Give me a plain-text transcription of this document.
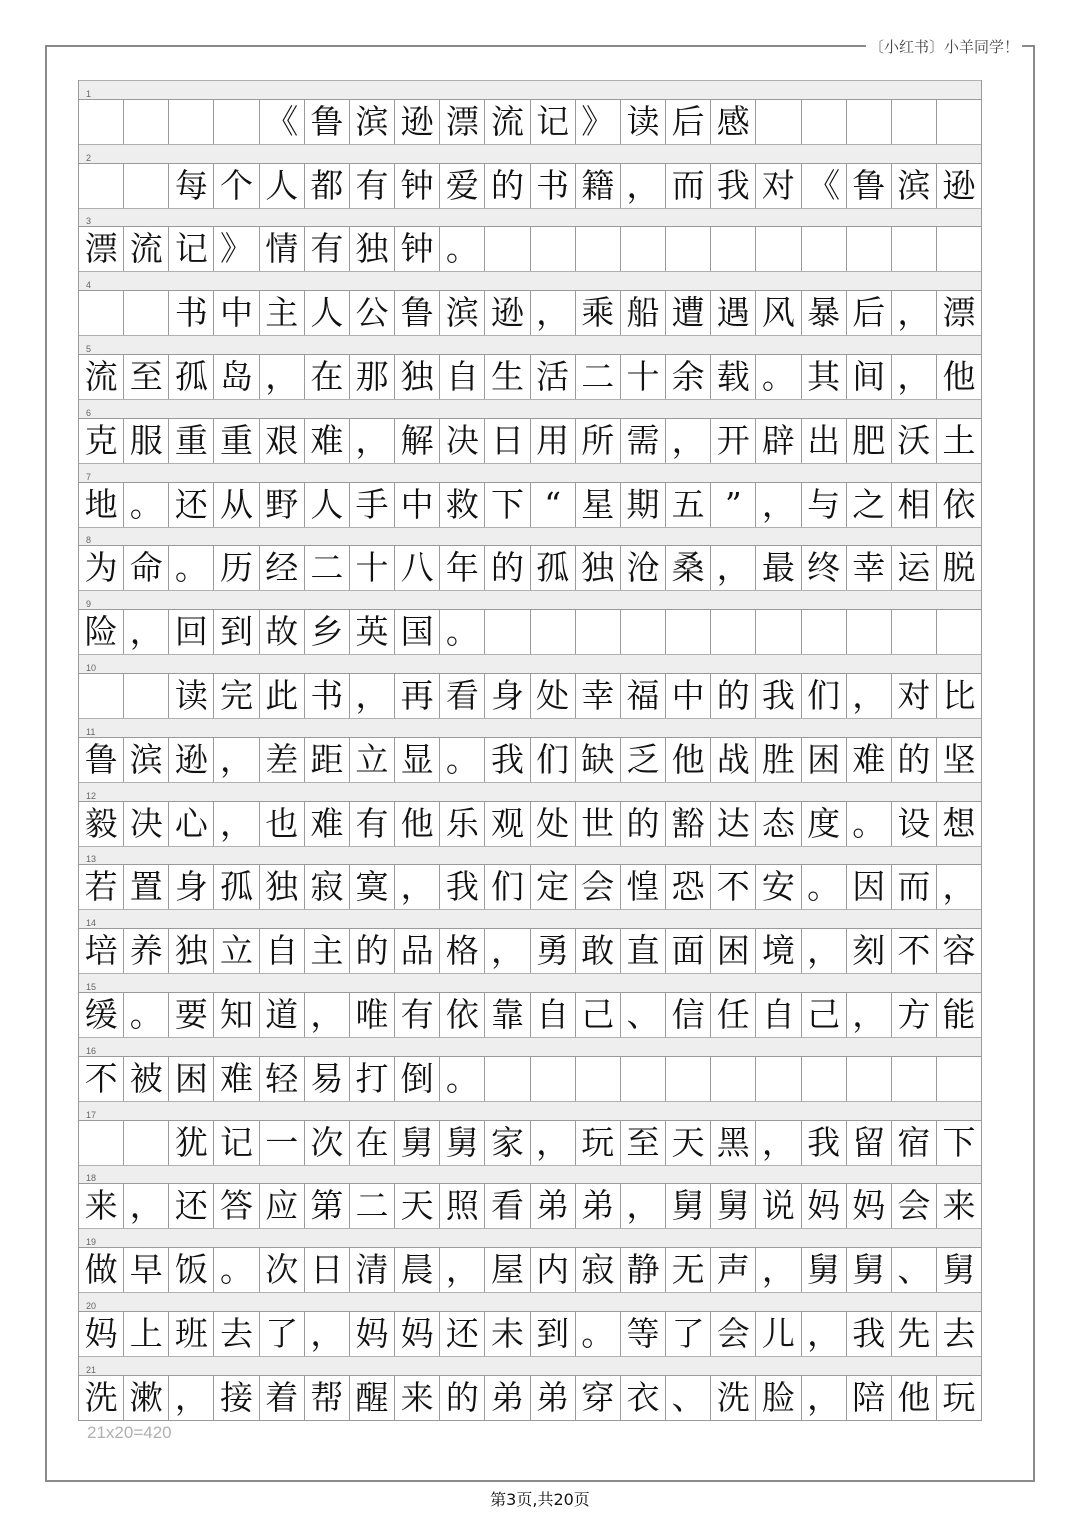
〔小红书〕小羊同学！
1
《 鲁 滨 逊 漂 流 记 》 读 后 感
2
每 个 人 都 有 钟 爱 的 书 籍 ， 而 我 对 《 鲁 滨 逊
3
漂 流 记 》 情 有 独 钟 。
4
书 中 主 人 公 鲁 滨 逊 ， 乘 船 遭 遇 风 暴 后 ， 漂
5
流 至 孤 岛 ， 在 那 独 自 生 活 二 十 余 载 。 其 间 ， 他
6
克 服 重 重 艰 难 ， 解 决 日 用 所 需 ， 开 辟 出 肥 沃 土
7
地 。 还 从 野 人 手 中 救 下 “ 星 期 五 ” ， 与 之 相 依
8
为 命 。 历 经 二 十 八 年 的 孤 独 沧 桑 ， 最 终 幸 运 脱
9
险 ， 回 到 故 乡 英 国 。
10
读 完 此 书 ， 再 看 身 处 幸 福 中 的 我 们 ， 对 比
11
鲁 滨 逊 ， 差 距 立 显 。 我 们 缺 乏 他 战 胜 困 难 的 坚
12
毅 决 心 ， 也 难 有 他 乐 观 处 世 的 豁 达 态 度 。 设 想
13
若 置 身 孤 独 寂 寞 ， 我 们 定 会 惶 恐 不 安 。 因 而 ，
14
培 养 独 立 自 主 的 品 格 ， 勇 敢 直 面 困 境 ， 刻 不 容
15
缓 。 要 知 道 ， 唯 有 依 靠 自 己 、 信 任 自 己 ， 方 能
16
不 被 困 难 轻 易 打 倒 。
17
犹 记 一 次 在 舅 舅 家 ， 玩 至 天 黑 ， 我 留 宿 下
18
来 ， 还 答 应 第 二 天 照 看 弟 弟 ， 舅 舅 说 妈 妈 会 来
19
做 早 饭 。 次 日 清 晨 ， 屋 内 寂 静 无 声 ， 舅 舅 、 舅
20
妈 上 班 去 了 ， 妈 妈 还 未 到 。 等 了 会 儿 ， 我 先 去
21
洗 漱 ， 接 着 帮 醒 来 的 弟 弟 穿 衣 、 洗 脸 ， 陪 他 玩
21x20=420
第3页,共20页
